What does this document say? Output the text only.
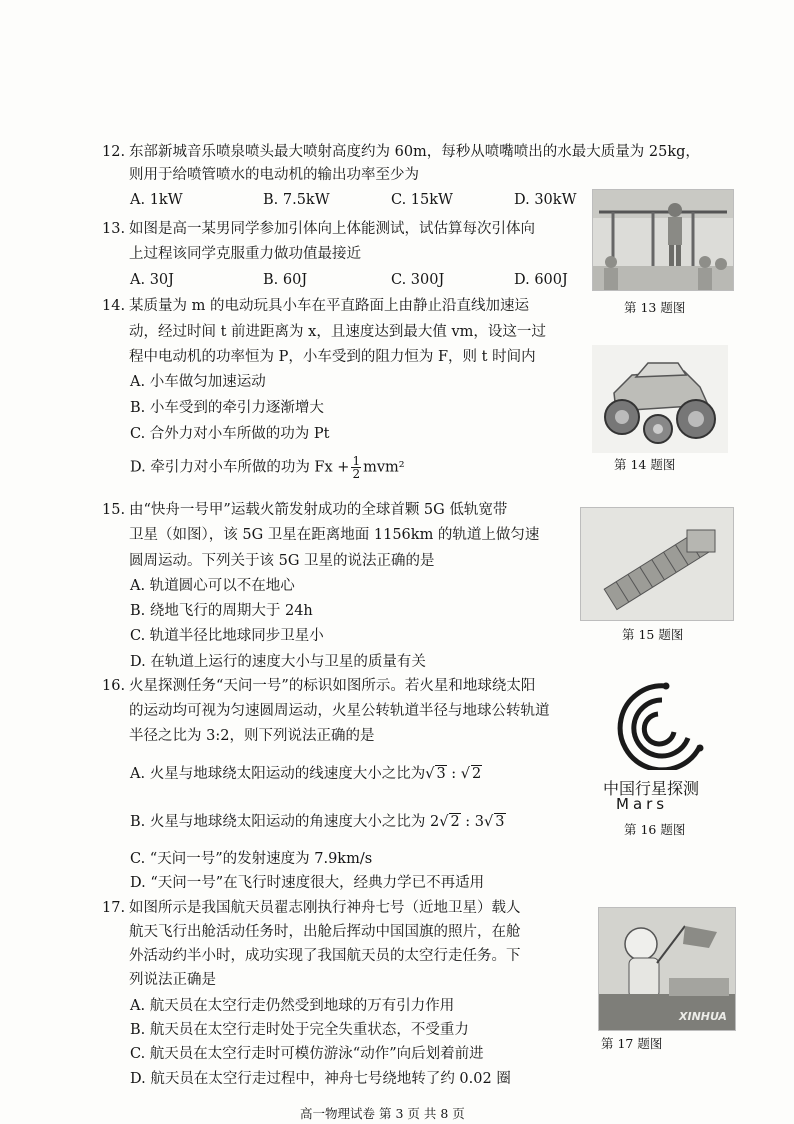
12. 东部新城音乐喷泉喷头最大喷射高度约为 60m，每秒从喷嘴喷出的水最大质量为 25kg，
则用于给喷管喷水的电动机的输出功率至少为
A. 1kW	B. 7.5kW	C. 15kW	D. 30kW
13. 如图是高一某男同学参加引体向上体能测试，试估算每次引体向
上过程该同学克服重力做功值最接近
A. 30J	B. 60J	C. 300J	D. 600J
第 13 题图
14. 某质量为 m 的电动玩具小车在平直路面上由静止沿直线加速运
动，经过时间 t 前进距离为 x，且速度达到最大值 vm，设这一过
程中电动机的功率恒为 P，小车受到的阻力恒为 F，则 t 时间内
A. 小车做匀加速运动
B. 小车受到的牵引力逐渐增大
C. 合外力对小车所做的功为 Pt
D. 牵引力对小车所做的功为 $Fx + \frac{1}{2} mvm^2$	第 14 题图
15. 由“快舟一号甲”运载火箭发射成功的全球首颗 5G 低轨宽带
卫星（如图），该 5G 卫星在距离地面 1156km 的轨道上做匀速
圆周运动。下列关于该 5G 卫星的说法正确的是
A. 轨道圆心可以不在地心
B. 绕地飞行的周期大于 24h
C. 轨道半径比地球同步卫星小
D. 在轨道上运行的速度大小与卫星的质量有关
第 15 题图
16. 火星探测任务“天问一号”的标识如图所示。若火星和地球绕太阳
的运动均可视为匀速圆周运动，火星公转轨道半径与地球公转轨道
半径之比为 3:2，则下列说法正确的是
A. 火星与地球绕太阳运动的线速度大小之比为√ 3 : √ 2
B. 火星与地球绕太阳运动的角速度大小之比为 2√ 2 : 3√ 3
C. “天问一号”的发射速度为 7.9km/s
D. “天问一号”在飞行时速度很大，经典力学已不再适用
中国行星探测
Mars
第 16 题图
17. 如图所示是我国航天员翟志刚执行神舟七号（近地卫星）载人
航天飞行出舱活动任务时，出舱后挥动中国国旗的照片，在舱
外活动约半小时，成功实现了我国航天员的太空行走任务。下
列说法正确是
A. 航天员在太空行走仍然受到地球的万有引力作用
B. 航天员在太空行走时处于完全失重状态，不受重力
C. 航天员在太空行走时可模仿游泳“动作”向后划着前进
D. 航天员在太空行走过程中，神舟七号绕地转了约 0.02 圈
XINHUA
第 17 题图
高一物理试卷 第 3 页 共 8 页
